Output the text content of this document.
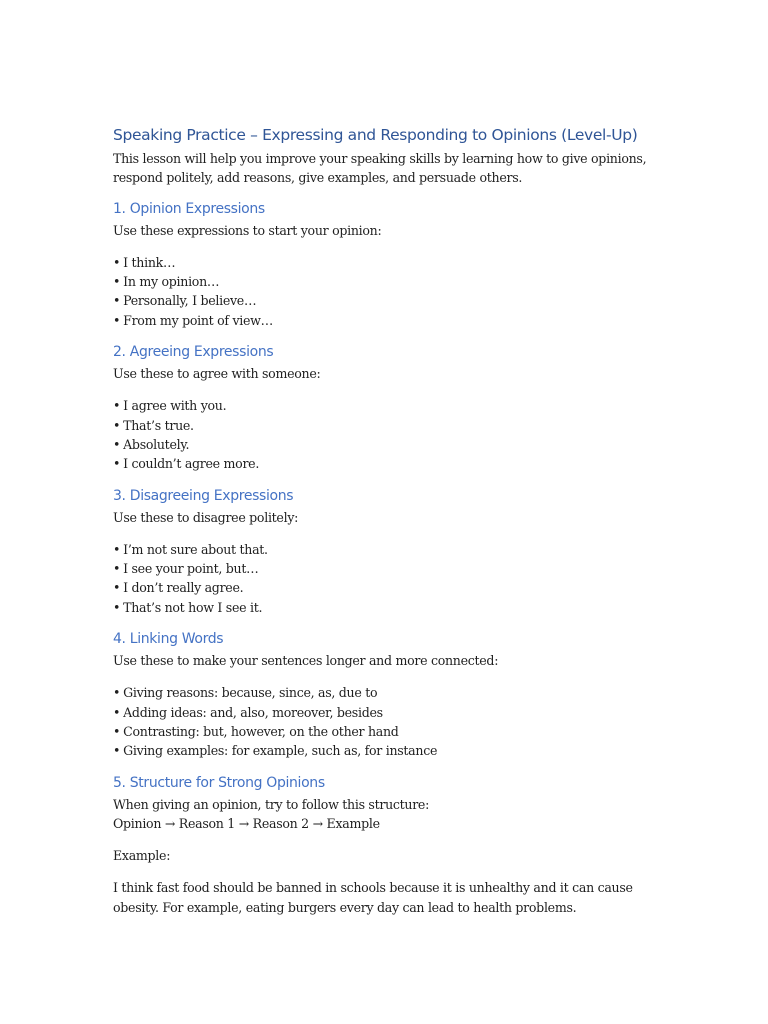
Speaking Practice – Expressing and Responding to Opinions (Level-Up)

This lesson will help you improve your speaking skills by learning how to give opinions, respond politely, add reasons, give examples, and persuade others.

1. Opinion Expressions

Use these expressions to start your opinion:

• I think…
• In my opinion…
• Personally, I believe…
• From my point of view…
2. Agreeing Expressions

Use these to agree with someone:

• I agree with you.
• That’s true.
• Absolutely.
• I couldn’t agree more.
3. Disagreeing Expressions

Use these to disagree politely:

• I’m not sure about that.
• I see your point, but…
• I don’t really agree.
• That’s not how I see it.
4. Linking Words

Use these to make your sentences longer and more connected:

• Giving reasons: because, since, as, due to
• Adding ideas: and, also, moreover, besides
• Contrasting: but, however, on the other hand
• Giving examples: for example, such as, for instance
5. Structure for Strong Opinions

When giving an opinion, try to follow this structure:

Opinion → Reason 1 → Reason 2 → Example

Example:

I think fast food should be banned in schools because it is unhealthy and it can cause obesity. For example, eating burgers every day can lead to health problems.
